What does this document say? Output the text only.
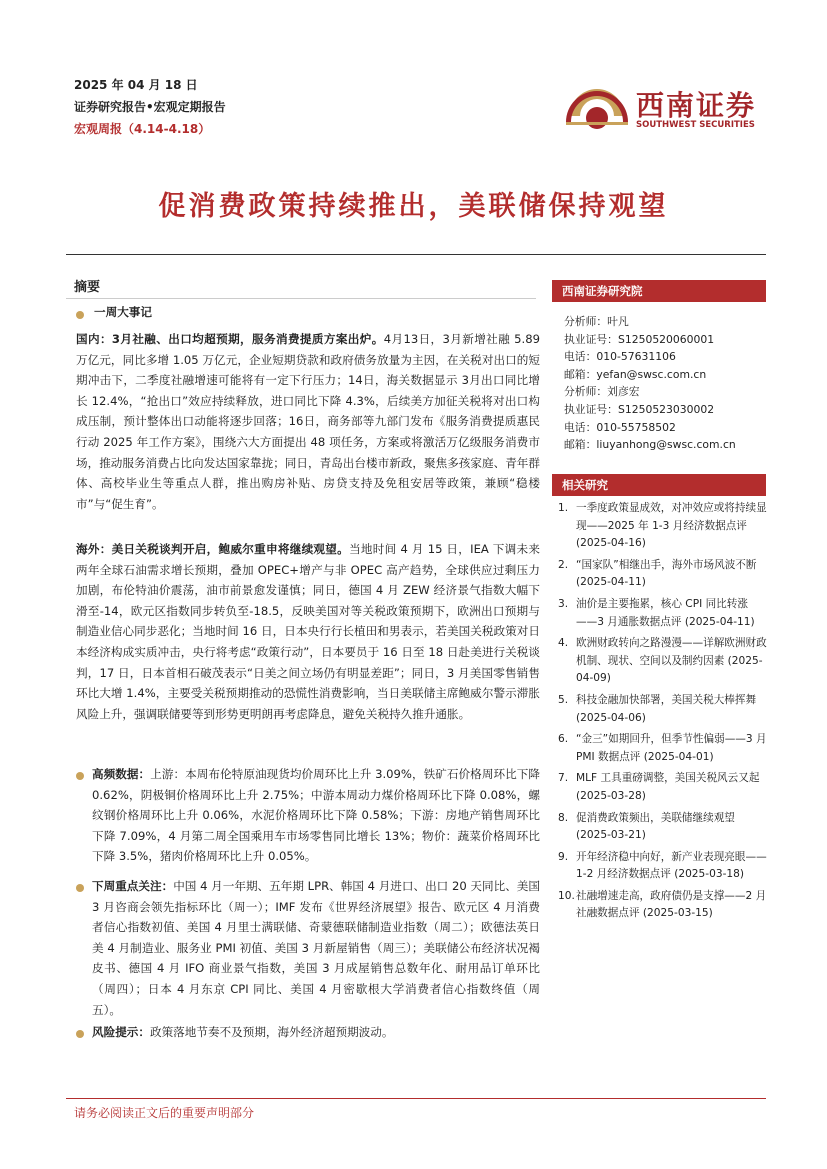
2025 年 04 月 18 日
证券研究报告•宏观定期报告
宏观周报（4.14-4.18）
西南证券
SOUTHWEST SECURITIES
促消费政策持续推出，美联储保持观望
摘要
一周大事记
国内：3月社融、出口均超预期，服务消费提质方案出炉。4月13日，3月新增社融 5.89 万亿元，同比多增 1.05 万亿元，企业短期贷款和政府债务放量为主因，在关税对出口的短期冲击下，二季度社融增速可能将有一定下行压力；14日，海关数据显示 3月出口同比增长 12.4%，“抢出口”效应持续释放，进口同比下降 4.3%，后续美方加征关税将对出口构成压制，预计整体出口动能将逐步回落；16日，商务部等九部门发布《服务消费提质惠民行动 2025 年工作方案》，围绕六大方面提出 48 项任务，方案或将激活万亿级服务消费市场，推动服务消费占比向发达国家靠拢；同日，青岛出台楼市新政，聚焦多孩家庭、青年群体、高校毕业生等重点人群，推出购房补贴、房贷支持及免租安居等政策，兼顾“稳楼市”与“促生育”。
海外：美日关税谈判开启，鲍威尔重申将继续观望。当地时间 4 月 15 日，IEA 下调未来两年全球石油需求增长预期，叠加 OPEC+增产与非 OPEC 高产趋势，全球供应过剩压力加剧，布伦特油价震荡，油市前景愈发谨慎；同日，德国 4 月 ZEW 经济景气指数大幅下滑至-14，欧元区指数同步转负至-18.5，反映美国对等关税政策预期下，欧洲出口预期与制造业信心同步恶化；当地时间 16 日，日本央行行长植田和男表示，若美国关税政策对日本经济构成实质冲击，央行将考虑“政策行动”，日本要员于 16 日至 18 日赴美进行关税谈判，17 日，日本首相石破茂表示“日美之间立场仍有明显差距”；同日，3 月美国零售销售环比大增 1.4%，主要受关税预期推动的恐慌性消费影响，当日美联储主席鲍威尔警示滞胀风险上升，强调联储要等到形势更明朗再考虑降息，避免关税持久推升通胀。
高频数据：上游：本周布伦特原油现货均价周环比上升 3.09%，铁矿石价格周环比下降 0.62%，阴极铜价格周环比上升 2.75%；中游本周动力煤价格周环比下降 0.08%，螺纹钢价格周环比上升 0.06%，水泥价格周环比下降 0.58%；下游：房地产销售周环比下降 7.09%，4 月第二周全国乘用车市场零售同比增长 13%；物价：蔬菜价格周环比下降 3.5%，猪肉价格周环比上升 0.05%。
下周重点关注：中国 4 月一年期、五年期 LPR、韩国 4 月进口、出口 20 天同比、美国 3 月咨商会领先指标环比（周一）；IMF 发布《世界经济展望》报告、欧元区 4 月消费者信心指数初值、美国 4 月里士满联储、奇蒙德联储制造业指数（周二）；欧德法英日美 4 月制造业、服务业 PMI 初值、美国 3 月新屋销售（周三）；美联储公布经济状况褐皮书、德国 4 月 IFO 商业景气指数，美国 3 月成屋销售总数年化、耐用品订单环比（周四）；日本 4 月东京 CPI 同比、美国 4 月密歇根大学消费者信心指数终值（周五）。
风险提示：政策落地节奏不及预期，海外经济超预期波动。
西南证券研究院
分析师：叶凡
执业证号：S1250520060001
电话：010-57631106
邮箱：yefan@swsc.com.cn
分析师：刘彦宏
执业证号：S1250523030002
电话：010-55758502
邮箱：liuyanhong@swsc.com.cn
相关研究
1. 一季度政策显成效，对冲效应或将持续显现——2025 年 1-3 月经济数据点评 (2025-04-16)
2. “国家队”相继出手，海外市场风波不断 (2025-04-11)
3. 油价是主要拖累，核心 CPI 同比转涨——3 月通胀数据点评 (2025-04-11)
4. 欧洲财政转向之路漫漫——详解欧洲财政机制、现状、空间以及制约因素 (2025-04-09)
5. 科技金融加快部署，美国关税大棒挥舞 (2025-04-06)
6. “金三”如期回升，但季节性偏弱——3 月 PMI 数据点评 (2025-04-01)
7. MLF 工具重磅调整，美国关税风云又起 (2025-03-28)
8. 促消费政策频出，美联储继续观望 (2025-03-21)
9. 开年经济稳中向好，新产业表现亮眼——1-2 月经济数据点评 (2025-03-18)
10. 社融增速走高，政府债仍是支撑——2 月社融数据点评 (2025-03-15)
请务必阅读正文后的重要声明部分
